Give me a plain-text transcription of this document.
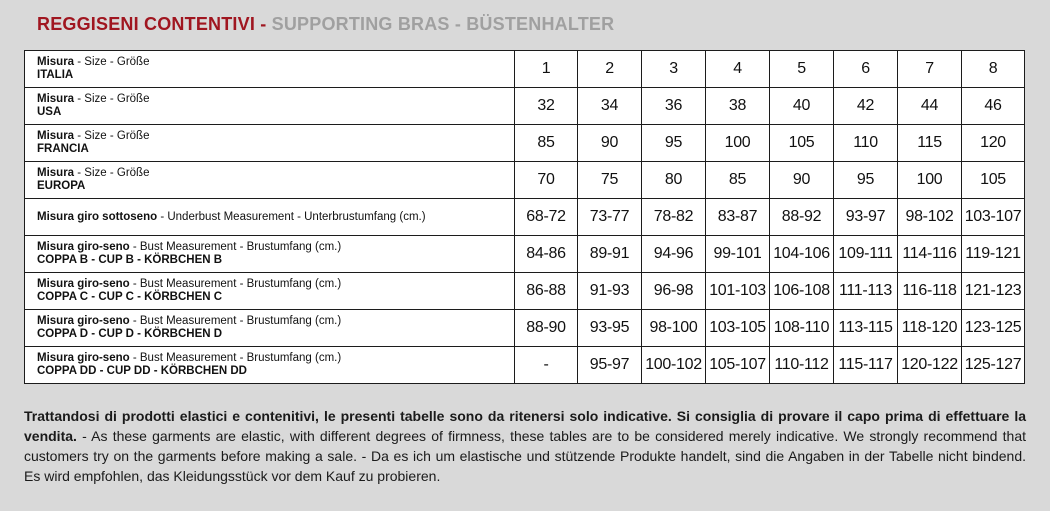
REGGISENI CONTENTIVI - SUPPORTING BRAS - BÜSTENHALTER
Misura - Size - Größe
ITALIA	1	2	3	4	5	6	7	8

Misura - Size - Größe
USA	32	34	36	38	40	42	44	46

Misura - Size - Größe
FRANCIA	85	90	95	100	105	110	115	120

Misura - Size - Größe
EUROPA	70	75	80	85	90	95	100	105

Misura giro sottoseno - Underbust Measurement - Unterbrustumfang (cm.)	68-72	73-77	78-82	83-87	88-92	93-97	98-102	103-107

Misura giro-seno - Bust Measurement - Brustumfang (cm.)
COPPA B - CUP B - KÖRBCHEN B	84-86	89-91	94-96	99-101	104-106	109-111	114-116	119-121

Misura giro-seno - Bust Measurement - Brustumfang (cm.)
COPPA C - CUP C - KÖRBCHEN C	86-88	91-93	96-98	101-103	106-108	111-113	116-118	121-123

Misura giro-seno - Bust Measurement - Brustumfang (cm.)
COPPA D - CUP D - KÖRBCHEN D	88-90	93-95	98-100	103-105	108-110	113-115	118-120	123-125

Misura giro-seno - Bust Measurement - Brustumfang (cm.)
COPPA DD - CUP DD - KÖRBCHEN DD	-	95-97	100-102	105-107	110-112	115-117	120-122	125-127
Trattandosi di prodotti elastici e contenitivi, le presenti tabelle sono da ritenersi solo indicative. Si consiglia di provare il capo prima di effettuare la vendita. - As these garments are elastic, with different degrees of firmness, these tables are to be considered merely indicative. We strongly recommend that customers try on the garments before making a sale. - Da es ich um elastische und stützende Produkte handelt, sind die Angaben in der Tabelle nicht bindend. Es wird empfohlen, das Kleidungsstück vor dem Kauf zu probieren.
